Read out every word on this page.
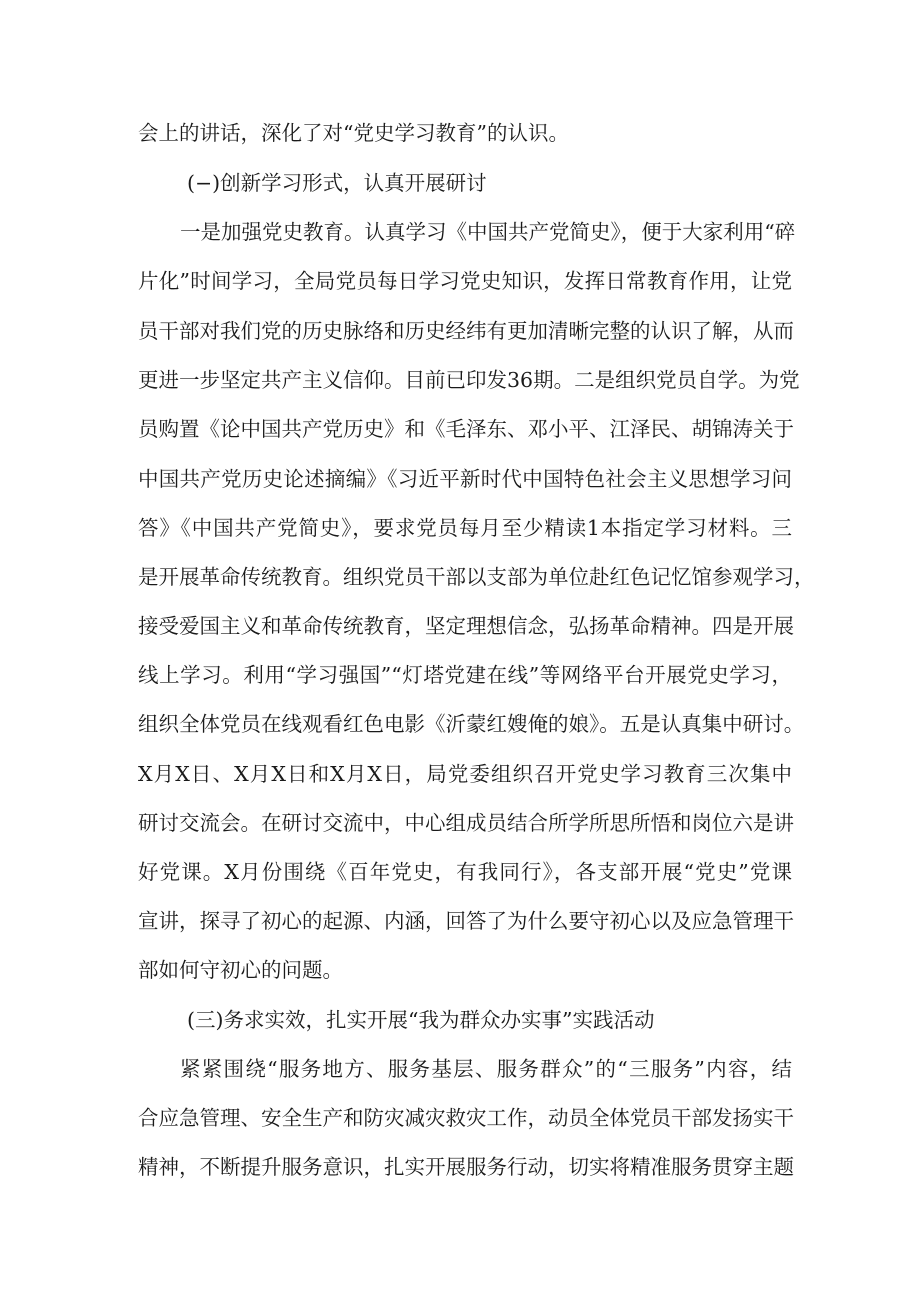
会上的讲话，深化了对“党史学习教育”的认识。
(−)创新学习形式，认真开展研讨
一是加强党史教育。认真学习《中国共产党简史》，便于大家利用“碎
片化”时间学习，全局党员每日学习党史知识，发挥日常教育作用，让党
员干部对我们党的历史脉络和历史经纬有更加清晰完整的认识了解，从而
更进一步坚定共产主义信仰。目前已印发36期。二是组织党员自学。为党
员购置《论中国共产党历史》和《毛泽东、邓小平、江泽民、胡锦涛关于
中国共产党历史论述摘编》《习近平新时代中国特色社会主义思想学习问
答》《中国共产党简史》，要求党员每月至少精读1本指定学习材料。三
是开展革命传统教育。组织党员干部以支部为单位赴红色记忆馆参观学习，
接受爱国主义和革命传统教育，坚定理想信念，弘扬革命精神。四是开展
线上学习。利用“学习强国”“灯塔党建在线”等网络平台开展党史学习，
组织全体党员在线观看红色电影《沂蒙红嫂俺的娘》。五是认真集中研讨。
X月X日、X月X日和X月X日，局党委组织召开党史学习教育三次集中
研讨交流会。在研讨交流中，中心组成员结合所学所思所悟和岗位六是讲
好党课。X月份围绕《百年党史，有我同行》，各支部开展“党史”党课
宣讲，探寻了初心的起源、内涵，回答了为什么要守初心以及应急管理干
部如何守初心的问题。
(三)务求实效，扎实开展“我为群众办实事”实践活动
紧紧围绕“服务地方、服务基层、服务群众”的“三服务”内容，结
合应急管理、安全生产和防灾减灾救灾工作，动员全体党员干部发扬实干
精神，不断提升服务意识，扎实开展服务行动，切实将精准服务贯穿主题
